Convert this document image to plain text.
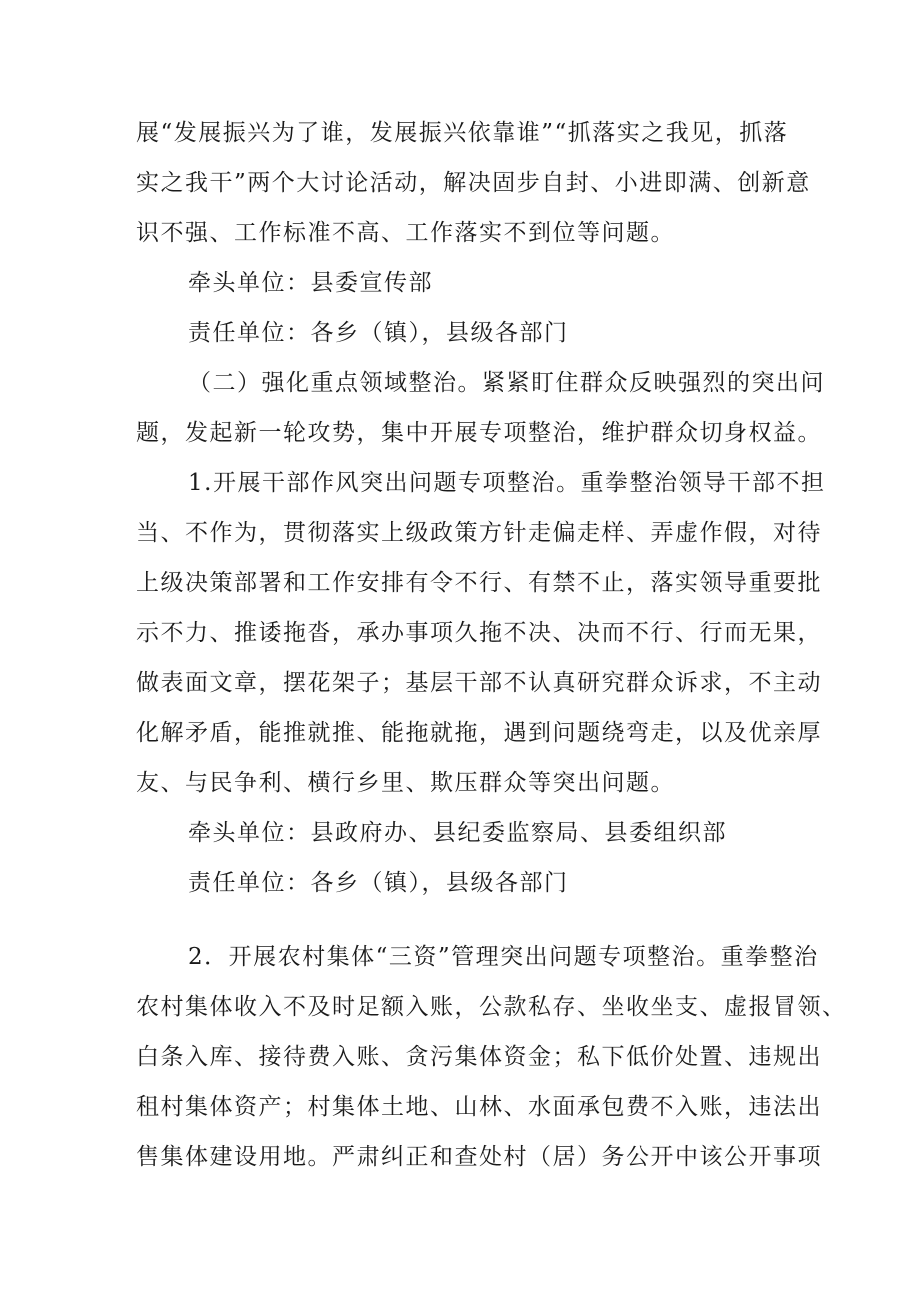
展“发展振兴为了谁，发展振兴依靠谁”“抓落实之我见，抓落
实之我干”两个大讨论活动，解决固步自封、小进即满、创新意
识不强、工作标准不高、工作落实不到位等问题。
牵头单位：县委宣传部
责任单位：各乡（镇），县级各部门
（二）强化重点领域整治。紧紧盯住群众反映强烈的突出问
题，发起新一轮攻势，集中开展专项整治，维护群众切身权益。
1.开展干部作风突出问题专项整治。重拳整治领导干部不担
当、不作为，贯彻落实上级政策方针走偏走样、弄虚作假，对待
上级决策部署和工作安排有令不行、有禁不止，落实领导重要批
示不力、推诿拖沓，承办事项久拖不决、决而不行、行而无果，
做表面文章，摆花架子；基层干部不认真研究群众诉求，不主动
化解矛盾，能推就推、能拖就拖，遇到问题绕弯走，以及优亲厚
友、与民争利、横行乡里、欺压群众等突出问题。
牵头单位：县政府办、县纪委监察局、县委组织部
责任单位：各乡（镇），县级各部门
2．开展农村集体“三资”管理突出问题专项整治。重拳整治
农村集体收入不及时足额入账，公款私存、坐收坐支、虚报冒领、
白条入库、接待费入账、贪污集体资金；私下低价处置、违规出
租村集体资产；村集体土地、山林、水面承包费不入账，违法出
售集体建设用地。严肃纠正和查处村（居）务公开中该公开事项
